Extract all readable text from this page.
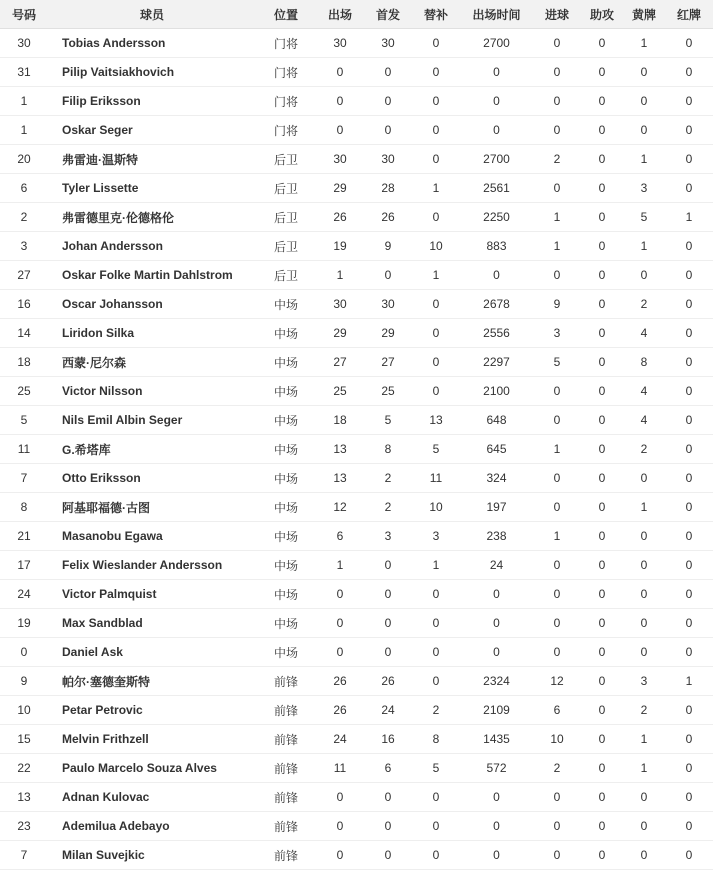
号码	球员	位置	出场	首发	替补	出场时间	进球	助攻	黄牌	红牌
30	Tobias Andersson	门将	30	30	0	2700	0	0	1	0
31	Pilip Vaitsiakhovich	门将	0	0	0	0	0	0	0	0
1	Filip Eriksson	门将	0	0	0	0	0	0	0	0
1	Oskar Seger	门将	0	0	0	0	0	0	0	0
20	弗雷迪·温斯特	后卫	30	30	0	2700	2	0	1	0
6	Tyler Lissette	后卫	29	28	1	2561	0	0	3	0
2	弗雷德里克·伦德格伦	后卫	26	26	0	2250	1	0	5	1
3	Johan Andersson	后卫	19	9	10	883	1	0	1	0
27	Oskar Folke Martin Dahlstrom	后卫	1	0	1	0	0	0	0	0
16	Oscar Johansson	中场	30	30	0	2678	9	0	2	0
14	Liridon Silka	中场	29	29	0	2556	3	0	4	0
18	西蒙·尼尔森	中场	27	27	0	2297	5	0	8	0
25	Victor Nilsson	中场	25	25	0	2100	0	0	4	0
5	Nils Emil Albin Seger	中场	18	5	13	648	0	0	4	0
11	G.希塔库	中场	13	8	5	645	1	0	2	0
7	Otto Eriksson	中场	13	2	11	324	0	0	0	0
8	阿基耶福德·古图	中场	12	2	10	197	0	0	1	0
21	Masanobu Egawa	中场	6	3	3	238	1	0	0	0
17	Felix Wieslander Andersson	中场	1	0	1	24	0	0	0	0
24	Victor Palmquist	中场	0	0	0	0	0	0	0	0
19	Max Sandblad	中场	0	0	0	0	0	0	0	0
0	Daniel Ask	中场	0	0	0	0	0	0	0	0
9	帕尔·塞德奎斯特	前锋	26	26	0	2324	12	0	3	1
10	Petar Petrovic	前锋	26	24	2	2109	6	0	2	0
15	Melvin Frithzell	前锋	24	16	8	1435	10	0	1	0
22	Paulo Marcelo Souza Alves	前锋	11	6	5	572	2	0	1	0
13	Adnan Kulovac	前锋	0	0	0	0	0	0	0	0
23	Ademilua Adebayo	前锋	0	0	0	0	0	0	0	0
7	Milan Suvejkic	前锋	0	0	0	0	0	0	0	0
